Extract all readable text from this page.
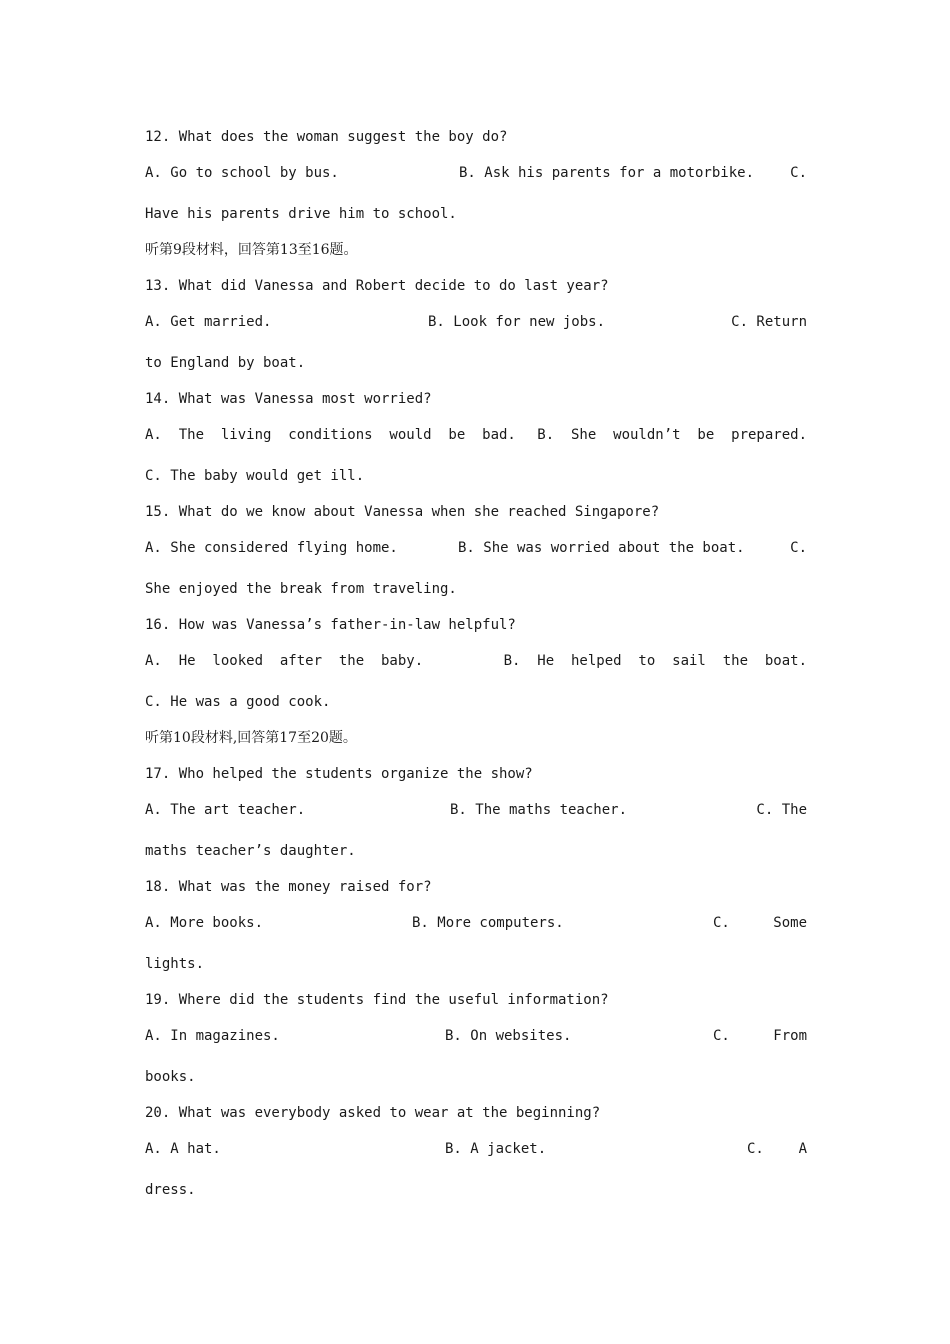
12. What does the woman suggest the boy do?
A. Go to school by bus.	B. Ask his parents for a motorbike.	C.
Have his parents drive him to school.
听第9段材料，回答第13至16题。
13. What did Vanessa and Robert decide to do last year?
A. Get married.	B. Look for new jobs.	C. Return
to England by boat.
14. What was Vanessa most worried?
A.  The  living  conditions  would  be  bad. B.  She  wouldn’t  be  prepared.
C. The baby would get ill.
15. What do we know about Vanessa when she reached Singapore?
A. She considered flying home.	B. She was worried about the boat.	C.
She enjoyed the break from traveling.
16. How was Vanessa’s father-in-law helpful?
A.  He  looked  after  the  baby.	B.  He  helped  to  sail  the  boat.
C. He was a good cook.
听第10段材料,回答第17至20题。
17. Who helped the students organize the show?
A. The art teacher.	B. The maths teacher.	C. The
maths teacher’s daughter.
18. What was the money raised for?
A. More books.	B. More computers.	C.	Some
lights.
19. Where did the students find the useful information?
A. In magazines.	B. On websites.	C.	From
books.
20. What was everybody asked to wear at the beginning?
A. A hat.	B. A jacket.	C.	A
dress.
